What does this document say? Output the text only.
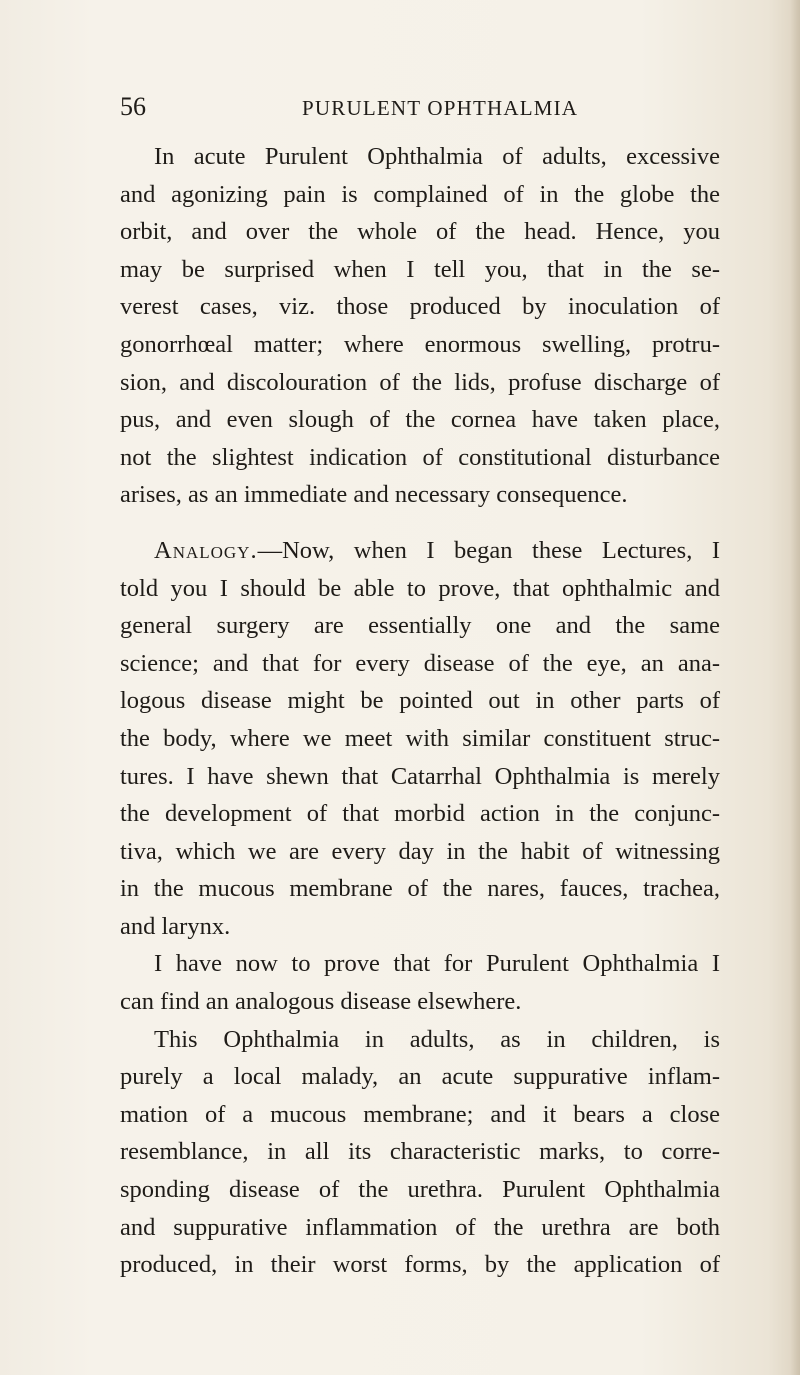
56	PURULENT OPHTHALMIA
In acute Purulent Ophthalmia of adults, excessive
and agonizing pain is complained of in the globe the
orbit, and over the whole of the head. Hence, you
may be surprised when I tell you, that in the se-
verest cases, viz. those produced by inoculation of
gonorrhœal matter; where enormous swelling, protru-
sion, and discolouration of the lids, profuse discharge of
pus, and even slough of the cornea have taken place,
not the slightest indication of constitutional disturbance
arises, as an immediate and necessary consequence.
Analogy.—Now, when I began these Lectures, I
told you I should be able to prove, that ophthalmic and
general surgery are essentially one and the same
science; and that for every disease of the eye, an ana-
logous disease might be pointed out in other parts of
the body, where we meet with similar constituent struc-
tures. I have shewn that Catarrhal Ophthalmia is merely
the development of that morbid action in the conjunc-
tiva, which we are every day in the habit of witnessing
in the mucous membrane of the nares, fauces, trachea,
and larynx.
I have now to prove that for Purulent Ophthalmia I
can find an analogous disease elsewhere.
This Ophthalmia in adults, as in children, is
purely a local malady, an acute suppurative inflam-
mation of a mucous membrane; and it bears a close
resemblance, in all its characteristic marks, to corre-
sponding disease of the urethra. Purulent Ophthalmia
and suppurative inflammation of the urethra are both
produced, in their worst forms, by the application of
